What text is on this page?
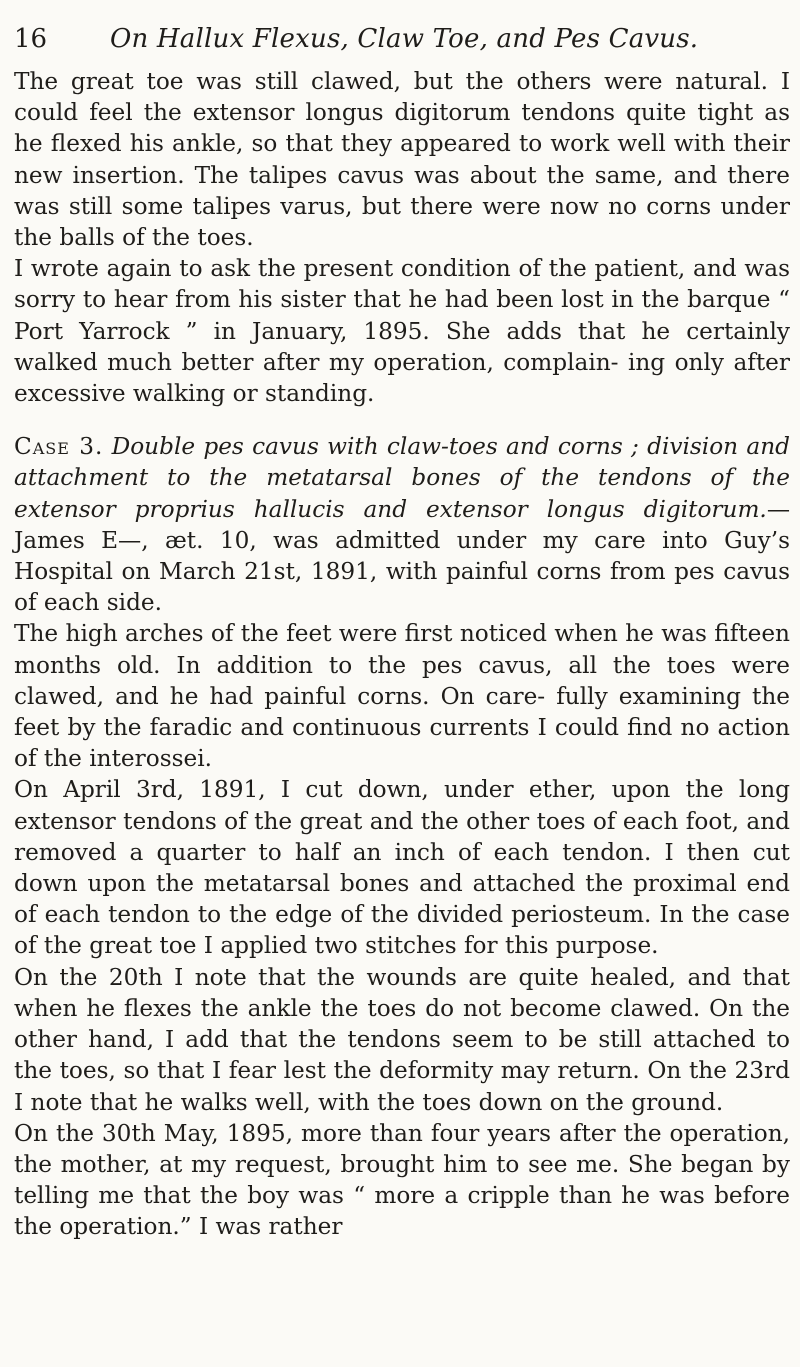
16 On Hallux Flexus, Claw Toe, and Pes Cavus.

The great toe was still clawed, but the others were natural. I could feel the extensor longus digitorum tendons quite tight as he flexed his ankle, so that they appeared to work well with their new insertion. The talipes cavus was about the same, and there was still some talipes varus, but there were now no corns under the balls of the toes.

I wrote again to ask the present condition of the patient, and was sorry to hear from his sister that he had been lost in the barque “ Port Yarrock ” in January, 1895. She adds that he certainly walked much better after my operation, complain- ing only after excessive walking or standing.

Case 3. Double pes cavus with claw-toes and corns ; division and attachment to the metatarsal bones of the tendons of the extensor proprius hallucis and extensor longus digitorum.—James E—, æt. 10, was admitted under my care into Guy’s Hospital on March 21st, 1891, with painful corns from pes cavus of each side.

The high arches of the feet were first noticed when he was fifteen months old. In addition to the pes cavus, all the toes were clawed, and he had painful corns. On care- fully examining the feet by the faradic and continuous currents I could find no action of the interossei.

On April 3rd, 1891, I cut down, under ether, upon the long extensor tendons of the great and the other toes of each foot, and removed a quarter to half an inch of each tendon. I then cut down upon the metatarsal bones and attached the proximal end of each tendon to the edge of the divided periosteum. In the case of the great toe I applied two stitches for this purpose.

On the 20th I note that the wounds are quite healed, and that when he flexes the ankle the toes do not become clawed. On the other hand, I add that the tendons seem to be still attached to the toes, so that I fear lest the deformity may return. On the 23rd I note that he walks well, with the toes down on the ground.

On the 30th May, 1895, more than four years after the operation, the mother, at my request, brought him to see me. She began by telling me that the boy was “ more a cripple than he was before the operation.” I was rather
